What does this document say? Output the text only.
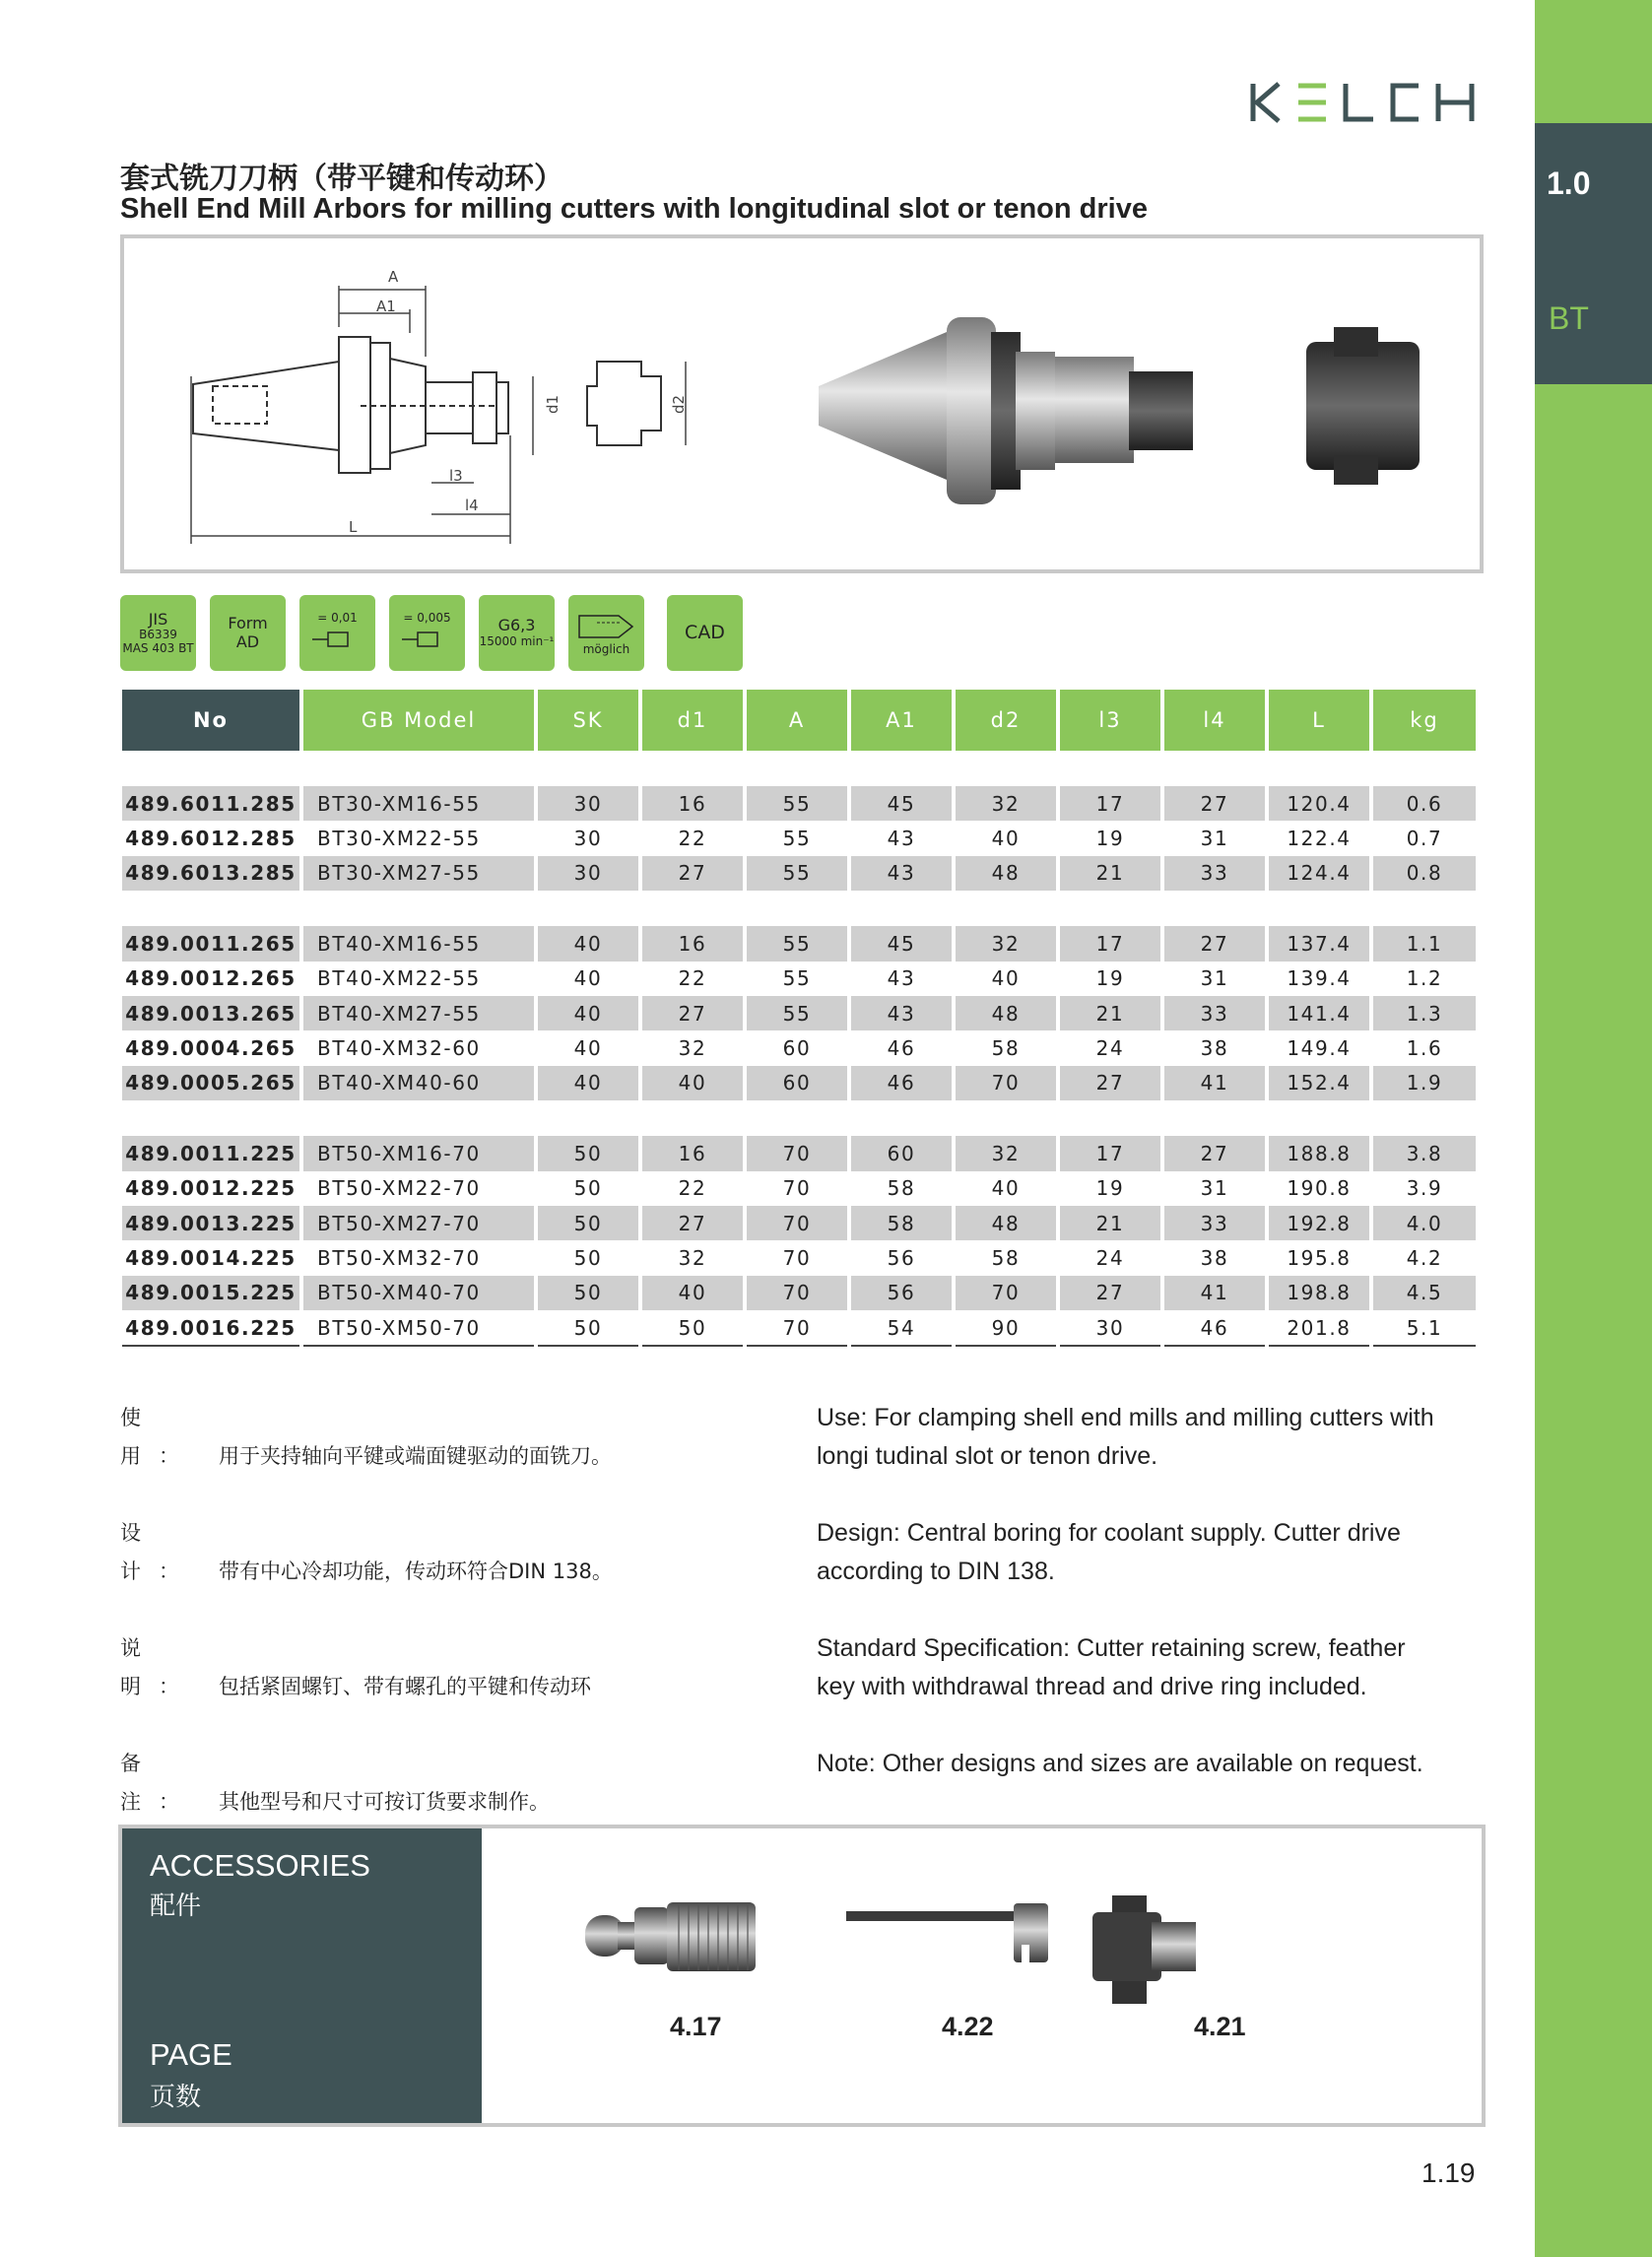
1.0
BT
套式铣刀刀柄（带平键和传动环）
Shell End Mill Arbors for milling cutters with longitudinal slot or tenon drive
A
A1
l3
l4
L
d1	d2
JIS
B6339
MAS 403 BT
Form
AD
= 0,01	= 0,005	G6,3
15000 min⁻¹
möglich
CAD
No	GB Model	SK	d1	A	A1	d2	l3	l4	L	kg

489.6011.285	BT30-XM16-55	30	16	55	45	32	17	27	120.4	0.6
489.6012.285	BT30-XM22-55	30	22	55	43	40	19	31	122.4	0.7
489.6013.285	BT30-XM27-55	30	27	55	43	48	21	33	124.4	0.8

489.0011.265	BT40-XM16-55	40	16	55	45	32	17	27	137.4	1.1
489.0012.265	BT40-XM22-55	40	22	55	43	40	19	31	139.4	1.2
489.0013.265	BT40-XM27-55	40	27	55	43	48	21	33	141.4	1.3
489.0004.265	BT40-XM32-60	40	32	60	46	58	24	38	149.4	1.6
489.0005.265	BT40-XM40-60	40	40	60	46	70	27	41	152.4	1.9

489.0011.225	BT50-XM16-70	50	16	70	60	32	17	27	188.8	3.8
489.0012.225	BT50-XM22-70	50	22	70	58	40	19	31	190.8	3.9
489.0013.225	BT50-XM27-70	50	27	70	58	48	21	33	192.8	4.0
489.0014.225	BT50-XM32-70	50	32	70	56	58	24	38	195.8	4.2
489.0015.225	BT50-XM40-70	50	40	70	56	70	27	41	198.8	4.5
489.0016.225	BT50-XM50-70	50	50	70	54	90	30	46	201.8	5.1
使用： 用于夹持轴向平键或端面键驱动的面铣刀。
Use: For clamping shell end mills and milling cutters with
longi tudinal slot or tenon drive.
设计： 带有中心冷却功能，传动环符合DIN 138。
Design: Central boring for coolant supply. Cutter drive
according to DIN 138.
说明： 包括紧固螺钉、带有螺孔的平键和传动环
Standard Specification: Cutter retaining screw, feather
key with withdrawal thread and drive ring included.
备注： 其他型号和尺寸可按订货要求制作。
Note: Other designs and sizes are available on request.
ACCESSORIES
配件
PAGE
页数
4.17	4.22	4.21
1.19
